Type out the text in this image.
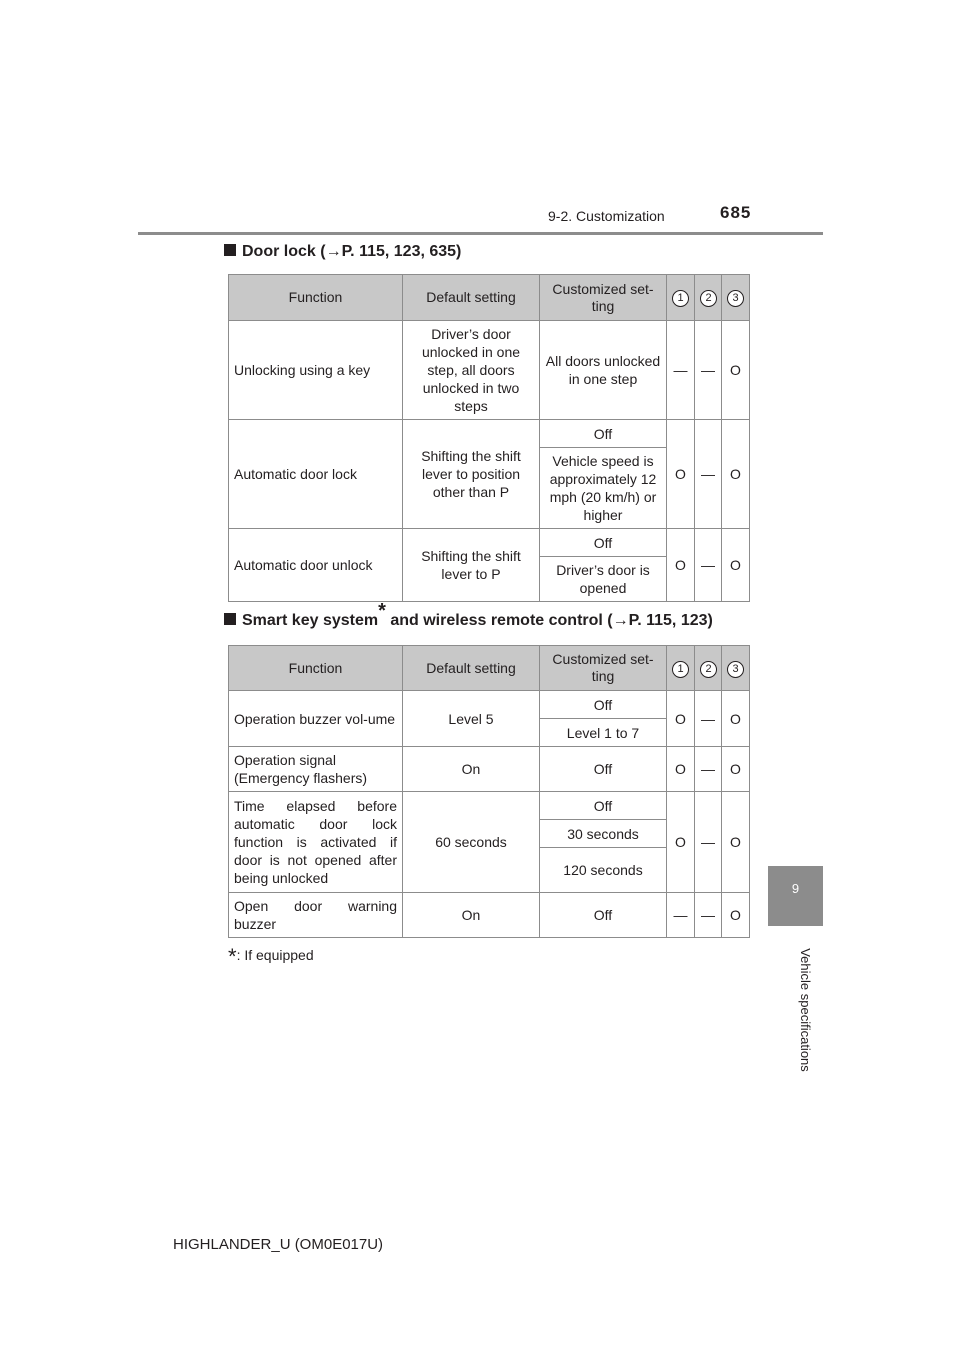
9-2. Customization	685
9
Vehicle specifications
Door lock (→P. 115, 123, 635)
Function	Default setting	Customized set-ting	1	2	3
Unlocking using a key	Driver’s door unlocked in one step, all doors unlocked in two steps	All doors unlocked in one step	—	—	O
Automatic door lock	Shifting the shift lever to position other than P	Off	O	—	O
		Vehicle speed is approximately 12 mph (20 km/h) or higher			
Automatic door unlock	Shifting the shift lever to P	Off	O	—	O
		Driver’s door is opened			
Smart key system* and wireless remote control (→P. 115, 123)
Function	Default setting	Customized set-ting	1	2	3
Operation buzzer vol-ume	Level 5	Off	O	—	O
		Level 1 to 7			
Operation signal (Emergency flashers)	On	Off	O	—	O
Time elapsed before automatic door lock function is activated if door is not opened after being unlocked	60 seconds	Off	O	—	O
		30 seconds			
		120 seconds			
Open door warning buzzer	On	Off	—	—	O
*: If equipped
HIGHLANDER_U (OM0E017U)
